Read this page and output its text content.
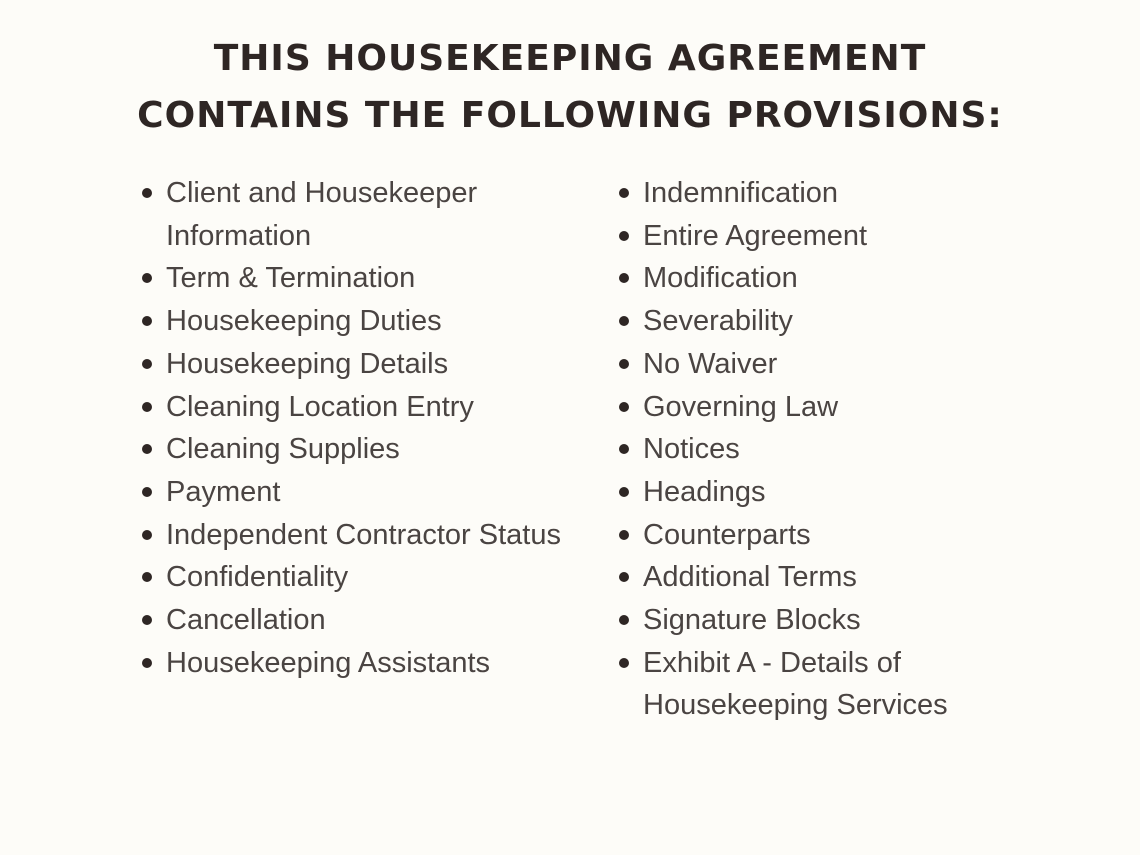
THIS HOUSEKEEPING AGREEMENT
CONTAINS THE FOLLOWING PROVISIONS:
Client and Housekeeper
Information
Term & Termination
Housekeeping Duties
Housekeeping Details
Cleaning Location Entry
Cleaning Supplies
Payment
Independent Contractor Status
Confidentiality
Cancellation
Housekeeping Assistants
Indemnification
Entire Agreement
Modification
Severability
No Waiver
Governing Law
Notices
Headings
Counterparts
Additional Terms
Signature Blocks
Exhibit A - Details of
Housekeeping Services
